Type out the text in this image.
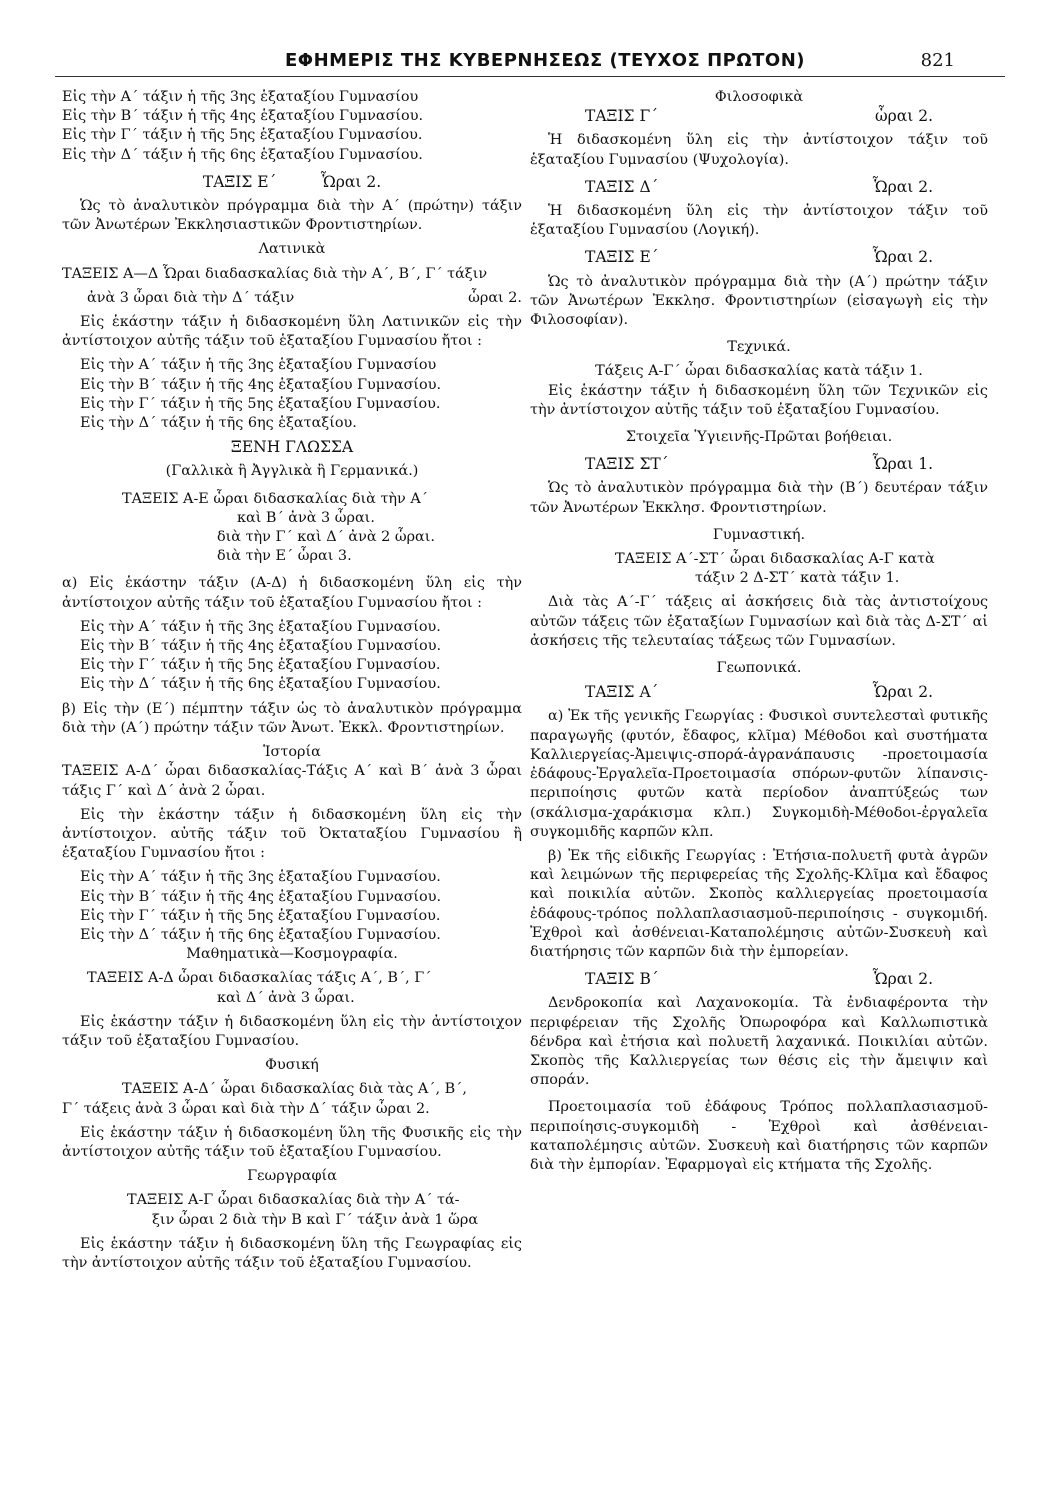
ΕΦΗΜΕΡΙΣ ΤΗΣ ΚΥΒΕΡΝΗΣΕΩΣ (ΤΕΥΧΟΣ ΠΡΩΤΟΝ)	821
Εἰς τὴν Α΄ τάξιν ἡ τῆς 3ης ἑξαταξίου Γυμνασίου
Εἰς τὴν Β΄ τάξιν ἡ τῆς 4ης ἑξαταξίου Γυμνασίου.
Εἰς τὴν Γ΄ τάξιν ἡ τῆς 5ης ἑξαταξίου Γυμνασίου.
Εἰς τὴν Δ΄ τάξιν ἡ τῆς 6ης ἑξαταξίου Γυμνασίου.
ΤΑΞΙΣ Ε΄	Ὧραι 2.

Ὡς τὸ ἀναλυτικὸν πρόγραμμα διὰ τὴν Α΄ (πρώτην) τάξιν τῶν Ἀνωτέρων Ἐκκλησιαστικῶν Φροντιστηρίων.

Λατινικὰ
ΤΑΞΕΙΣ Α—Δ Ὧραι διαδασκαλίας διὰ τὴν Α΄, Β΄, Γ΄ τάξιν
ἀνὰ 3 ὧραι διὰ τὴν Δ΄ τάξιν	ὧραι 2.

Εἰς ἑκάστην τάξιν ἡ διδασκομένη ὕλη Λατινικῶν εἰς τὴν ἀντίστοιχον αὐτῆς τάξιν τοῦ ἑξαταξίου Γυμνασίου ἤτοι :

Εἰς τὴν Α΄ τάξιν ἡ τῆς 3ης ἑξαταξίου Γυμνασίου
Εἰς τὴν Β΄ τάξιν ἡ τῆς 4ης ἑξαταξίου Γυμνασίου.
Εἰς τὴν Γ΄ τάξιν ἡ τῆς 5ης ἑξαταξίου Γυμνασίου.
Εἰς τὴν Δ΄ τάξιν ἡ τῆς 6ης ἑξαταξίου.
ΞΕΝΗ ΓΛΩΣΣΑ
(Γαλλικὰ ἢ Ἀγγλικὰ ἢ Γερμανικά.)
ΤΑΞΕΙΣ Α-Ε ὧραι διδασκαλίας διὰ τὴν Α΄
καὶ Β΄ ἀνὰ 3 ὧραι.
διὰ τὴν Γ΄ καὶ Δ΄ ἀνὰ 2 ὧραι.
διὰ τὴν Ε΄ ὧραι 3.

α) Εἰς ἑκάστην τάξιν (Α-Δ) ἡ διδασκομένη ὕλη εἰς τὴν ἀντίστοιχον αὐτῆς τάξιν τοῦ ἑξαταξίου Γυμνασίου ἤτοι :

Εἰς τὴν Α΄ τάξιν ἡ τῆς 3ης ἑξαταξίου Γυμνασίου.
Εἰς τὴν Β΄ τάξιν ἡ τῆς 4ης ἑξαταξίου Γυμνασίου.
Εἰς τὴν Γ΄ τάξιν ἡ τῆς 5ης ἑξαταξίου Γυμνασίου.
Εἰς τὴν Δ΄ τάξιν ἡ τῆς 6ης ἑξαταξίου Γυμνασίου.

β) Εἰς τὴν (Ε΄) πέμπτην τάξιν ὡς τὸ ἀναλυτικὸν πρόγραμμα διὰ τὴν (Α΄) πρώτην τάξιν τῶν Ἀνωτ. Ἐκκλ. Φροντιστηρίων.

Ἱστορία

ΤΑΞΕΙΣ Α-Δ΄ ὧραι διδασκαλίας-Τάξις Α΄ καὶ Β΄ ἀνὰ 3 ὧραι τάξις Γ΄ καὶ Δ΄ ἀνὰ 2 ὧραι.

Εἰς τὴν ἑκάστην τάξιν ἡ διδασκομένη ὕλη εἰς τὴν ἀντίστοιχον. αὐτῆς τάξιν τοῦ Ὀκταταξίου Γυμνασίου ἢ ἑξαταξίου Γυμνασίου ἤτοι :

Εἰς τὴν Α΄ τάξιν ἡ τῆς 3ης ἑξαταξίου Γυμνασίου.
Εἰς τὴν Β΄ τάξιν ἡ τῆς 4ης ἑξαταξίου Γυμνασίου.
Εἰς τὴν Γ΄ τάξιν ἡ τῆς 5ης ἑξαταξίου Γυμνασίου.
Εἰς τὴν Δ΄ τάξιν ἡ τῆς 6ης ἑξαταξίου Γυμνασίου.
Μαθηματικὰ—Κοσμογραφία.
ΤΑΞΕΙΣ Α-Δ ὧραι διδασκαλίας τάξις Α΄, Β΄, Γ΄
καὶ Δ΄ ἀνὰ 3 ὧραι.

Εἰς ἑκάστην τάξιν ἡ διδασκομένη ὕλη εἰς τὴν ἀντίστοιχον τάξιν τοῦ ἑξαταξίου Γυμνασίου.

Φυσική
ΤΑΞΕΙΣ Α-Δ΄ ὧραι διδασκαλίας διὰ τὰς Α΄, Β΄,
Γ΄ τάξεις ἀνὰ 3 ὧραι καὶ διὰ τὴν Δ΄ τάξιν ὧραι 2.

Εἰς ἑκάστην τάξιν ἡ διδασκομένη ὕλη τῆς Φυσικῆς εἰς τὴν ἀντίστοιχον αὐτῆς τάξιν τοῦ ἑξαταξίου Γυμνασίου.

Γεωργραφία
ΤΑΞΕΙΣ Α-Γ ὧραι διδασκαλίας διὰ τὴν Α΄ τά-
ξιν ὧραι 2 διὰ τὴν Β καὶ Γ΄ τάξιν ἀνὰ 1 ὥρα

Εἰς ἑκάστην τάξιν ἡ διδασκομένη ὕλη τῆς Γεωγραφίας εἰς τὴν ἀντίστοιχον αὐτῆς τάξιν τοῦ ἑξαταξίου Γυμνασίου.

Φιλοσοφικὰ
ΤΑΞΙΣ Γ΄	ὧραι 2.

Ἡ διδασκομένη ὕλη εἰς τὴν ἀντίστοιχον τάξιν τοῦ ἑξαταξίου Γυμνασίου (Ψυχολογία).

ΤΑΞΙΣ Δ΄	Ὧραι 2.

Ἡ διδασκομένη ὕλη εἰς τὴν ἀντίστοιχον τάξιν τοῦ ἑξαταξίου Γυμνασίου (Λογική).

ΤΑΞΙΣ Ε΄	Ὧραι 2.

Ὡς τὸ ἀναλυτικὸν πρόγραμμα διὰ τὴν (Α΄) πρώτην τάξιν τῶν Ἀνωτέρων Ἐκκλησ. Φροντιστηρίων (εἰσαγωγὴ εἰς τὴν Φιλοσοφίαν).

Τεχνικά.
Τάξεις Α-Γ΄ ὧραι διδασκαλίας κατὰ τάξιν 1.

Εἰς ἑκάστην τάξιν ἡ διδασκομένη ὕλη τῶν Τεχνικῶν εἰς τὴν ἀντίστοιχον αὐτῆς τάξιν τοῦ ἑξαταξίου Γυμνασίου.

Στοιχεῖα Ὑγιεινῆς-Πρῶται βοήθειαι.
ΤΑΞΙΣ ΣΤ΄	Ὧραι 1.

Ὡς τὸ ἀναλυτικὸν πρόγραμμα διὰ τὴν (Β΄) δευτέραν τάξιν τῶν Ἀνωτέρων Ἐκκλησ. Φροντιστηρίων.

Γυμναστική.
ΤΑΞΕΙΣ Α΄-ΣΤ΄ ὧραι διδασκαλίας Α-Γ κατὰ
τάξιν 2 Δ-ΣΤ΄ κατὰ τάξιν 1.

Διὰ τὰς Α΄-Γ΄ τάξεις αἱ ἀσκήσεις διὰ τὰς ἀντιστοίχους αὐτῶν τάξεις τῶν ἑξαταξίων Γυμνασίων καὶ διὰ τὰς Δ-ΣΤ΄ αἱ ἀσκήσεις τῆς τελευταίας τάξεως τῶν Γυμνασίων.

Γεωπονικά.
ΤΑΞΙΣ Α΄	Ὧραι 2.

α) Ἐκ τῆς γενικῆς Γεωργίας : Φυσικοὶ συντελεσταὶ φυτικῆς παραγωγῆς (φυτόν, ἔδαφος, κλῖμα) Μέθοδοι καὶ συστήματα Καλλιεργείας-Ἀμειψις-σπορά-ἀγρανάπαυσις -προετοιμασία ἐδάφους-Ἐργαλεῖα-Προετοιμασία σπόρων-φυτῶν λίπανσις-περιποίησις φυτῶν κατὰ περίοδον ἀναπτύξεώς των (σκάλισμα-χαράκισμα κλπ.) Συγκομιδὴ-Μέθοδοι-ἐργαλεῖα συγκομιδῆς καρπῶν κλπ.

β) Ἐκ τῆς εἰδικῆς Γεωργίας : Ἐτήσια-πολυετῆ φυτὰ ἀγρῶν καὶ λειμώνων τῆς περιφερείας τῆς Σχολῆς-Κλῖμα καὶ ἔδαφος καὶ ποικιλία αὐτῶν. Σκοπὸς καλλιεργείας προετοιμασία ἐδάφους-τρόπος πολλαπλασιασμοῦ-περιποίησις - συγκομιδή. Ἐχθροὶ καὶ ἀσθένειαι-Καταπολέμησις αὐτῶν-Συσκευὴ καὶ διατήρησις τῶν καρπῶν διὰ τὴν ἐμπορείαν.

ΤΑΞΙΣ Β΄	Ὧραι 2.

Δενδροκοπία καὶ Λαχανοκομία. Τὰ ἐνδιαφέροντα τὴν περιφέρειαν τῆς Σχολῆς Ὀπωροφόρα καὶ Καλλωπιστικὰ δένδρα καὶ ἐτήσια καὶ πολυετῆ λαχανικά. Ποικιλίαι αὐτῶν. Σκοπὸς τῆς Καλλιεργείας των θέσις εἰς τὴν ἄμειψιν καὶ σποράν.

Προετοιμασία τοῦ ἐδάφους Τρόπος πολλαπλασιασμοῦ-περιποίησις-συγκομιδὴ - Ἐχθροὶ καὶ ἀσθένειαι-καταπολέμησις αὐτῶν. Συσκευὴ καὶ διατήρησις τῶν καρπῶν διὰ τὴν ἐμπορίαν. Ἐφαρμογαὶ εἰς κτήματα τῆς Σχολῆς.
